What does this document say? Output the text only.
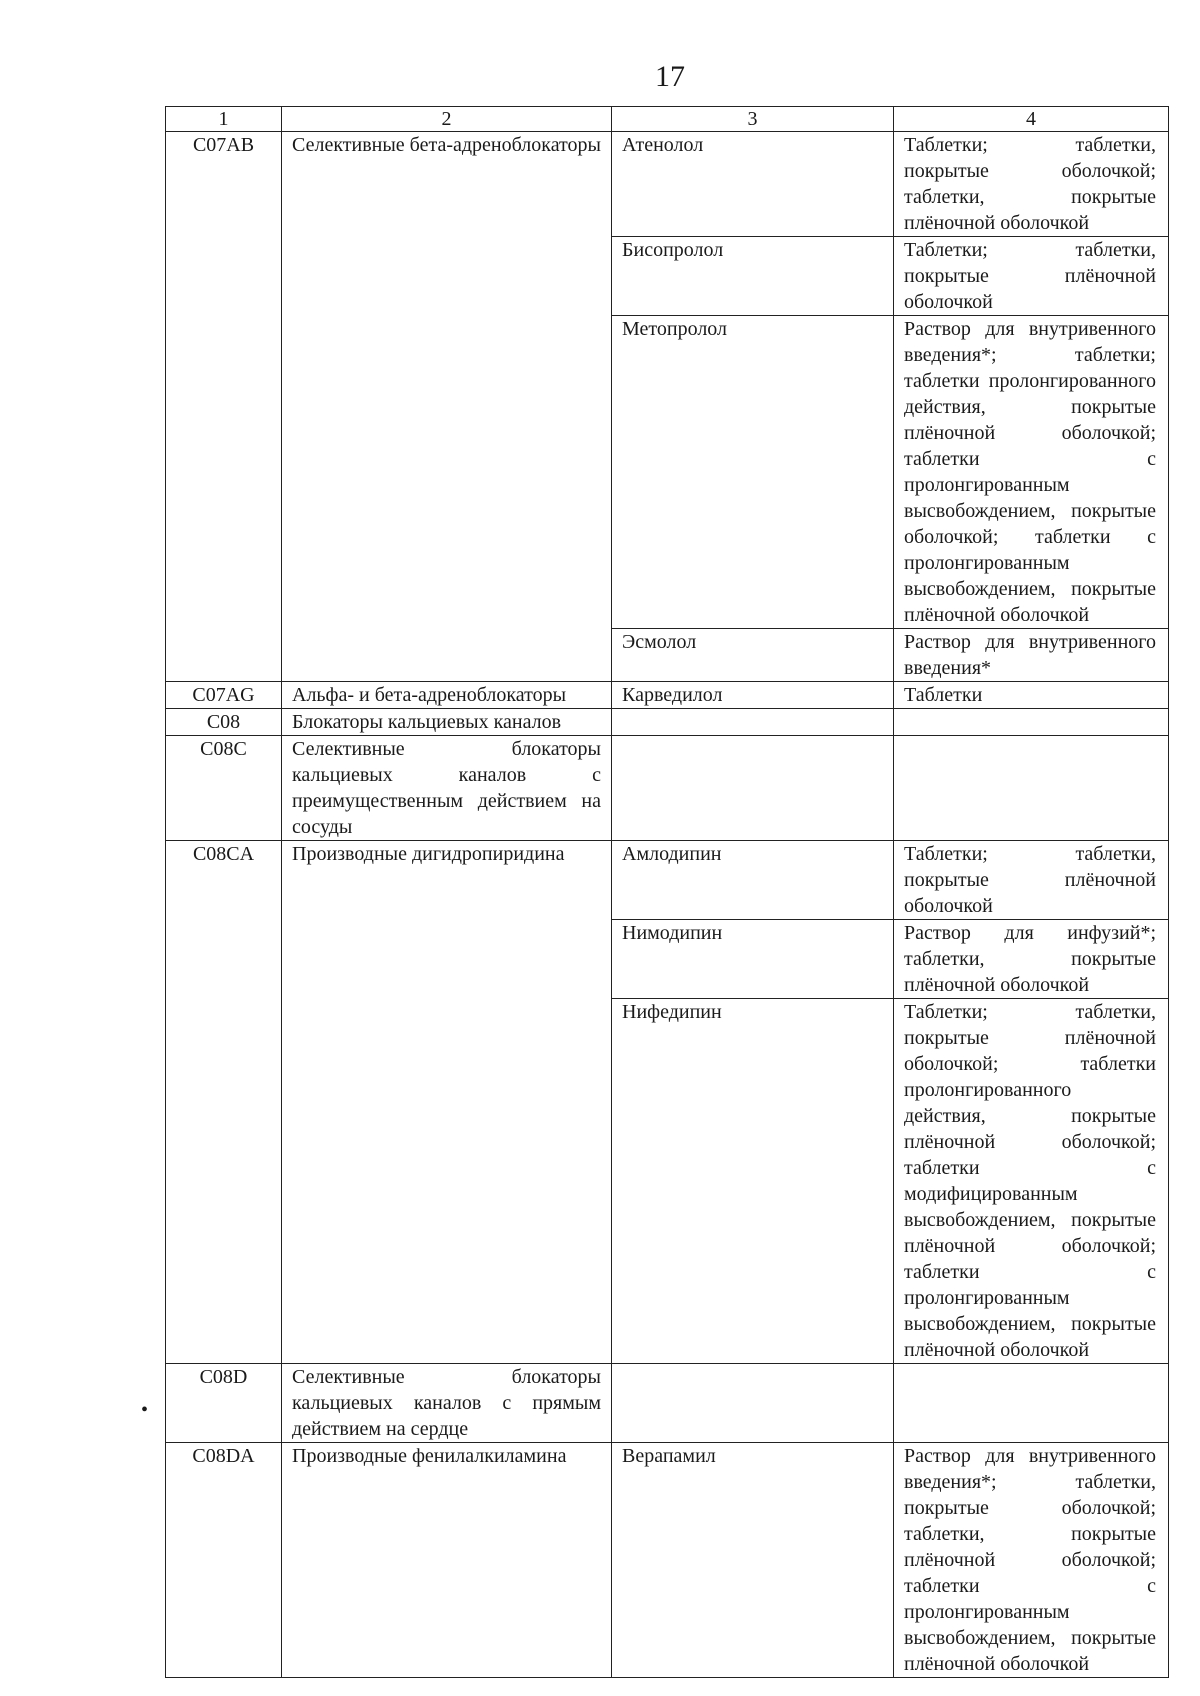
17
1	2	3	4
C07AB	Селективные бета-адреноблокаторы	Атенолол	Таблетки; таблетки, покрытые оболочкой; таблетки, покрытые плёночной оболочкой
		Бисопролол	Таблетки; таблетки, покрытые плёночной оболочкой
		Метопролол	Раствор для внутривенного введения*; таблетки; таблетки пролонгированного действия, покрытые плёночной оболочкой; таблетки с пролонгированным высвобождением, покрытые оболочкой; таблетки с пролонгированным высвобождением, покрытые плёночной оболочкой
		Эсмолол	Раствор для внутривенного введения*
C07AG	Альфа- и бета-адреноблокаторы	Карведилол	Таблетки
C08	Блокаторы кальциевых каналов		
C08C	Селективные блокаторы кальциевых каналов с преимущественным действием на сосуды		
C08CA	Производные дигидропиридина	Амлодипин	Таблетки; таблетки, покрытые плёночной оболочкой
		Нимодипин	Раствор для инфузий*; таблетки, покрытые плёночной оболочкой
		Нифедипин	Таблетки; таблетки, покрытые плёночной оболочкой; таблетки пролонгированного действия, покрытые плёночной оболочкой; таблетки с модифицированным высвобождением, покрытые плёночной оболочкой; таблетки с пролонгированным высвобождением, покрытые плёночной оболочкой
C08D	Селективные блокаторы кальциевых каналов с прямым действием на сердце		
C08DA	Производные фенилалкиламина	Верапамил	Раствор для внутривенного введения*; таблетки, покрытые оболочкой; таблетки, покрытые плёночной оболочкой; таблетки с пролонгированным высвобождением, покрытые плёночной оболочкой
•
